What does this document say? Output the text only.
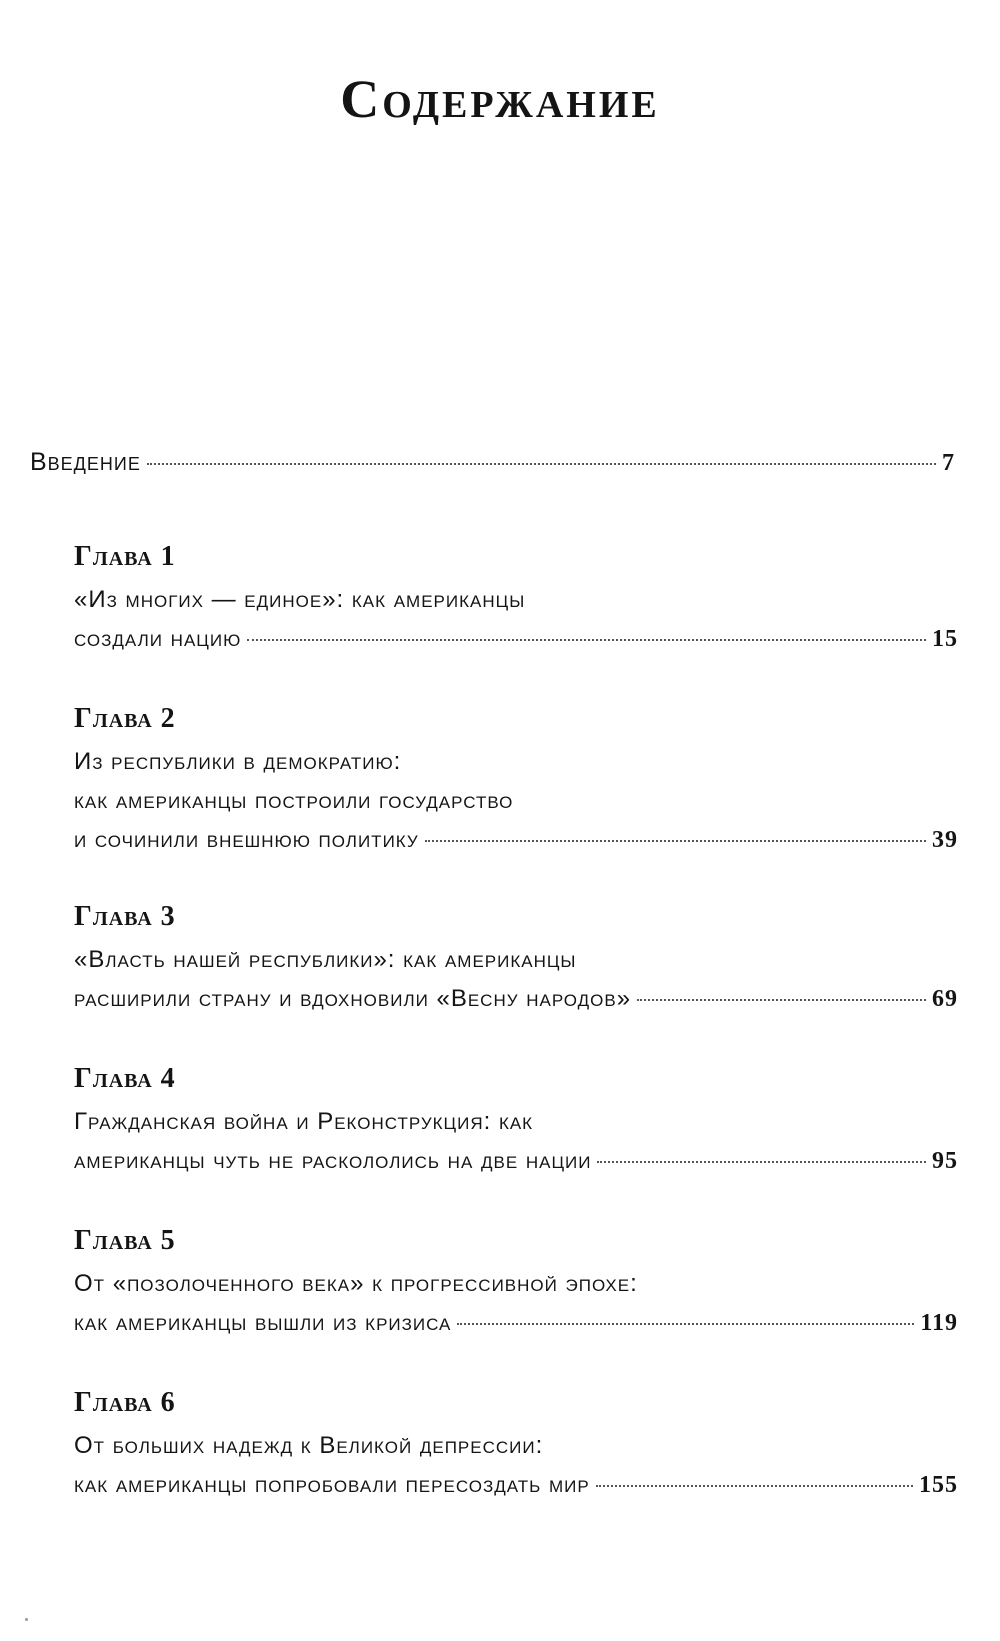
Содержание
Введение	7
Глава 1
«Из многих — единое»: как американцы
создали нацию	15
Глава 2
Из республики в демократию:
как американцы построили государство
и сочинили внешнюю политику	39
Глава 3
«Власть нашей республики»: как американцы
расширили страну и вдохновили «Весну народов»	69
Глава 4
Гражданская война и Реконструкция: как
американцы чуть не раскололись на две нации	95
Глава 5
От «позолоченного века» к прогрессивной эпохе:
как американцы вышли из кризиса	119
Глава 6
От больших надежд к Великой депрессии:
как американцы попробовали пересоздать мир	155
